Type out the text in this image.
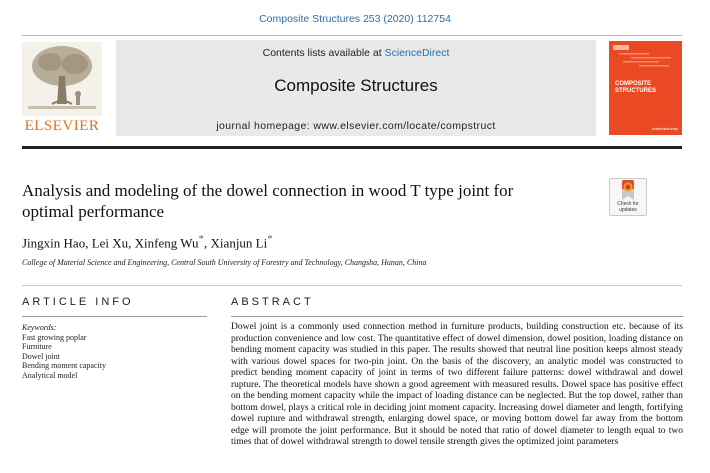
Composite Structures 253 (2020) 112754
ELSEVIER
Contents lists available at ScienceDirect
Composite Structures
journal homepage: www.elsevier.com/locate/compstruct
COMPOSITE
STRUCTURES
materialstoday
Analysis and modeling of the dowel connection in wood T type joint for
optimal performance	Check for
updates
Jingxin Hao, Lei Xu, Xinfeng Wu*, Xianjun Li*
College of Material Science and Engineering, Central South University of Forestry and Technology, Changsha, Hunan, China
ARTICLE INFO	ABSTRACT
Keywords:
Fast growing poplar
Furniture
Dowel joint
Bending moment capacity
Analytical model
Dowel joint is a commonly used connection method in furniture products, building construction etc. because of its production convenience and low cost. The quantitative effect of dowel dimension, dowel position, loading distance on bending moment capacity was studied in this paper. The results showed that neutral line position keeps almost steady with various dowel spaces for two-pin joint. On the basis of the discovery, an analytic model was constructed to predict bending moment capacity of joint in terms of two different failure patterns: dowel withdrawal and dowel rupture. The theoretical models have shown a good agreement with measured results. Dowel space has positive effect on the bending moment capacity while the impact of loading distance can be neglected. But the top dowel, rather than bottom dowel, plays a critical role in deciding joint moment capacity. Increasing dowel diameter and length, fortifying dowel rupture and withdrawal strength, enlarging dowel space, or moving bottom dowel far away from the bottom edge will promote the joint performance. But it should be noted that ratio of dowel diameter to length equal to two times that of dowel withdrawal strength to dowel tensile strength gives the optimized joint parameters
